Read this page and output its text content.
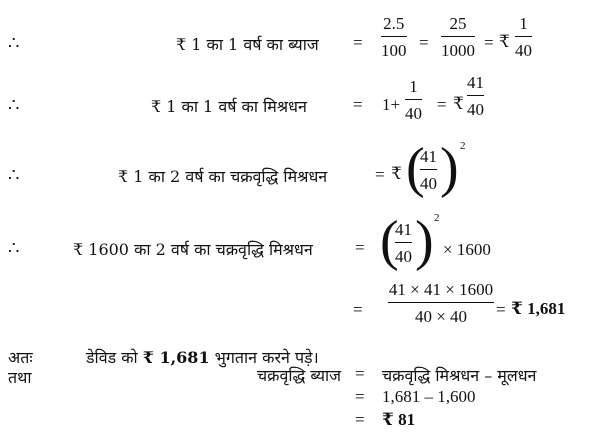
∴	₹ 1 का 1 वर्ष का ब्याज =
2.5
100 =
25
1000 = ₹
1
40
∴	₹ 1 का 1 वर्ष का मिश्रधन	= 1+
1
40 = ₹
41
40
∴	₹ 1 का 2 वर्ष का चक्रवृद्धि मिश्रधन	= ₹ (
41
40 ) 2
∴	₹ 1600 का 2 वर्ष का चक्रवृद्धि मिश्रधन = (
41
40 ) 2
× 1600
=
41 × 41 × 1600
40 × 40 = ₹ 1,681
अतः	डेविड को ₹ 1,681 भुगतान करने पड़े।
तथा	चक्रवृद्धि ब्याज = चक्रवृद्धि मिश्रधन – मूलधन
= 1,681 – 1,600
= ₹ 81
